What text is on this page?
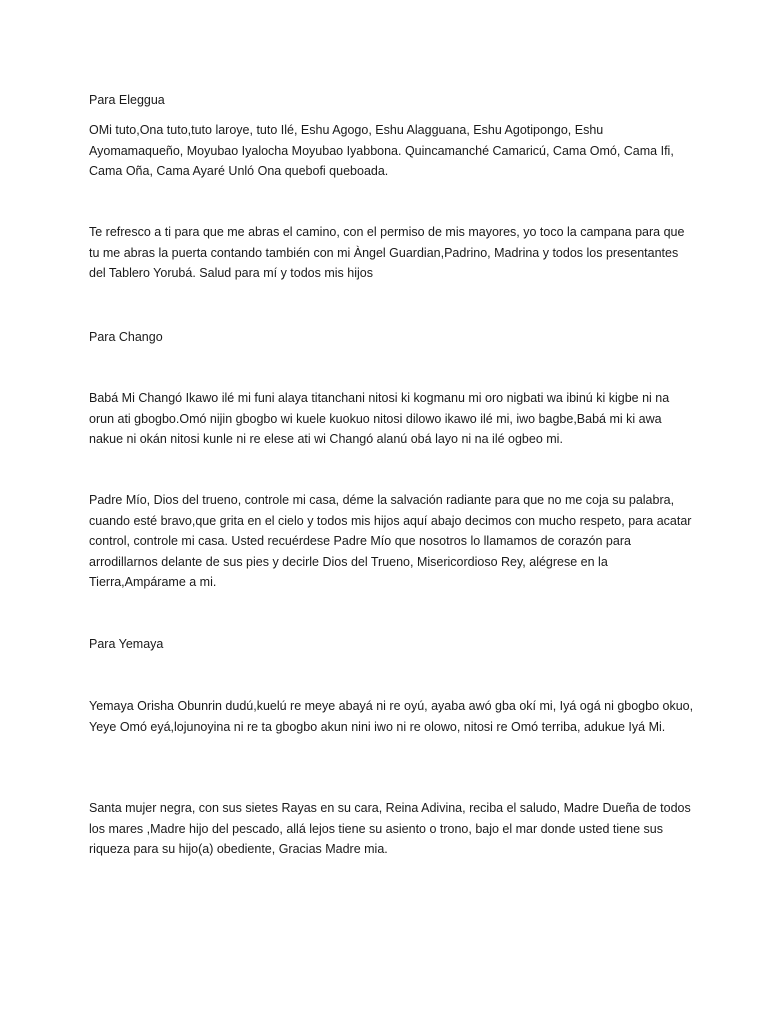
Para Eleggua
OMi tuto,Ona tuto,tuto laroye, tuto Ilé, Eshu Agogo, Eshu Alagguana, Eshu Agotipongo, Eshu Ayomamaqueño, Moyubao Iyalocha Moyubao Iyabbona. Quincamanché Camaricú, Cama Omó, Cama Ifi, Cama Oña, Cama Ayaré Unló Ona quebofi queboada.
Te refresco a ti para que me abras el camino, con el permiso de mis mayores, yo toco la campana para que tu me abras la puerta contando también con mi Àngel Guardian,Padrino, Madrina y todos los presentantes del Tablero Yorubá. Salud para mí y todos mis hijos
Para Chango
Babá Mi Changó Ikawo ilé mi funi alaya titanchani nitosi ki kogmanu mi oro nigbati wa ibinú ki kigbe ni na orun ati gbogbo.Omó nijin gbogbo wi kuele kuokuo nitosi dilowo ikawo ilé mi, iwo bagbe,Babá mi ki awa nakue ni okán nitosi kunle ni re elese ati wi Changó alanú obá layo ni na ilé ogbeo mi.
Padre Mío, Dios del trueno, controle mi casa, déme la salvación radiante para que no me coja su palabra, cuando esté bravo,que grita en el cielo y todos mis hijos aquí abajo decimos con mucho respeto, para acatar control, controle mi casa. Usted recuérdese Padre Mío que nosotros lo llamamos de corazón para arrodillarnos delante de sus pies y decirle Dios del Trueno, Misericordioso Rey, alégrese en la Tierra,Ampárame a mi.
Para Yemaya
Yemaya Orisha Obunrin dudú,kuelú re meye abayá ni re oyú, ayaba awó gba okí mi, Iyá ogá ni gbogbo okuo, Yeye Omó eyá,lojunoyina ni re ta gbogbo akun nini iwo ni re olowo, nitosi re Omó terriba, adukue Iyá Mi.
Santa mujer negra, con sus sietes Rayas en su cara, Reina Adivina, reciba el saludo, Madre Dueña de todos los mares ,Madre hijo del pescado, allá lejos tiene su asiento o trono, bajo el mar donde usted tiene sus riqueza para su hijo(a) obediente, Gracias Madre mia.
